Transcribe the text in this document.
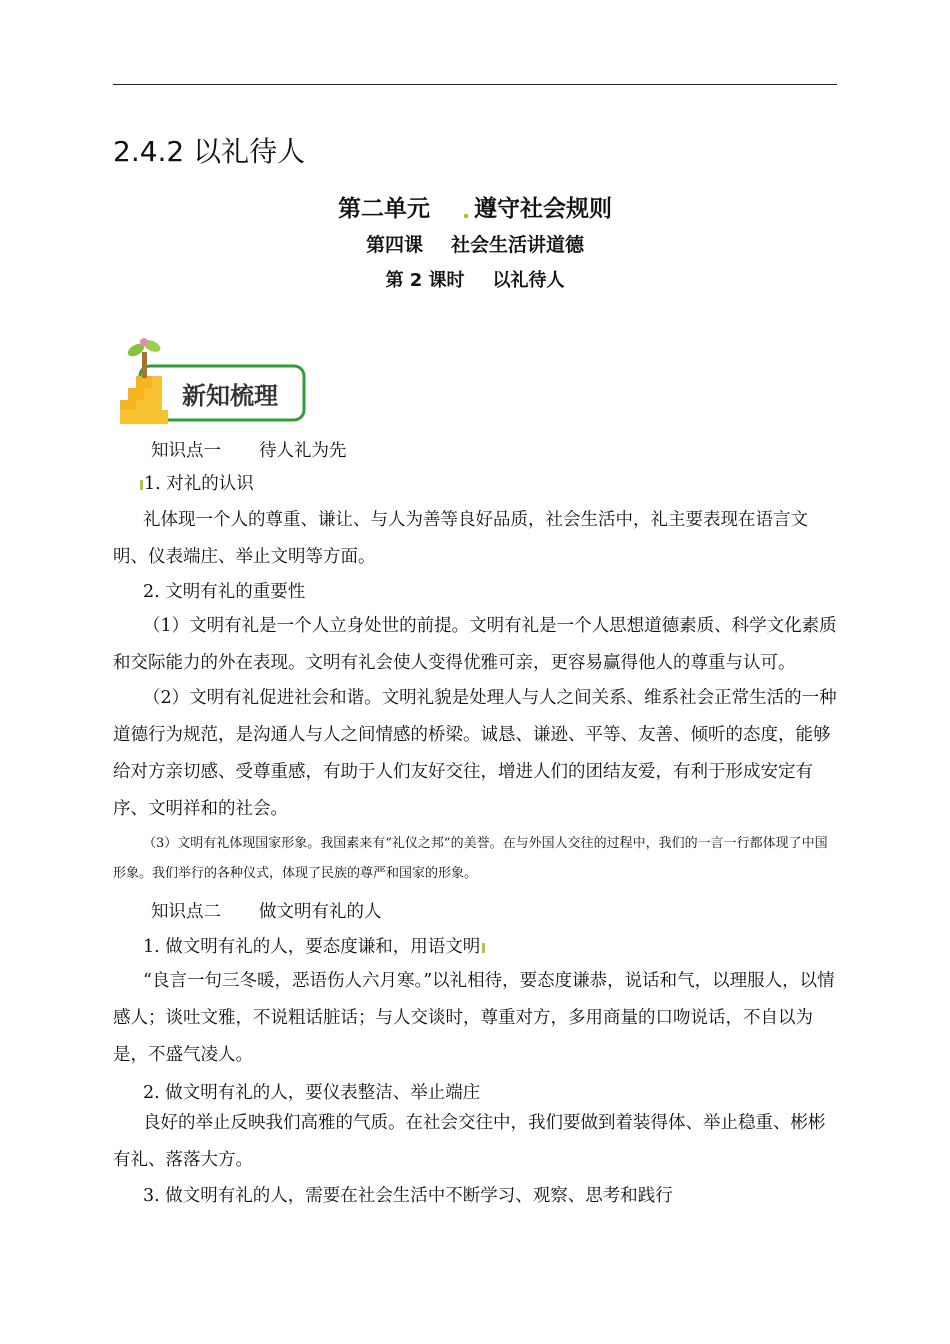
2.4.2 以礼待人
第二单元 遵守社会规则
第四课 社会生活讲道德
第 2 课时 以礼待人
新知梳理
知识点一 待人礼为先
1. 对礼的认识
礼体现一个人的尊重、谦让、与人为善等良好品质，社会生活中，礼主要表现在语言文明、仪表端庄、举止文明等方面。
2. 文明有礼的重要性
（1）文明有礼是一个人立身处世的前提。文明有礼是一个人思想道德素质、科学文化素质和交际能力的外在表现。文明有礼会使人变得优雅可亲，更容易赢得他人的尊重与认可。
（2）文明有礼促进社会和谐。文明礼貌是处理人与人之间关系、维系社会正常生活的一种道德行为规范，是沟通人与人之间情感的桥梁。诚恳、谦逊、平等、友善、倾听的态度，能够给对方亲切感、受尊重感，有助于人们友好交往，增进人们的团结友爱，有利于形成安定有序、文明祥和的社会。
（3）文明有礼体现国家形象。我国素来有“礼仪之邦”的美誉。在与外国人交往的过程中，我们的一言一行都体现了中国形象。我们举行的各种仪式，体现了民族的尊严和国家的形象。
知识点二 做文明有礼的人
1. 做文明有礼的人，要态度谦和，用语文明
“良言一句三冬暖，恶语伤人六月寒。”以礼相待，要态度谦恭，说话和气，以理服人，以情感人；谈吐文雅，不说粗话脏话；与人交谈时，尊重对方，多用商量的口吻说话，不自以为是，不盛气凌人。
2. 做文明有礼的人，要仪表整洁、举止端庄
良好的举止反映我们高雅的气质。在社会交往中，我们要做到着装得体、举止稳重、彬彬有礼、落落大方。
3. 做文明有礼的人，需要在社会生活中不断学习、观察、思考和践行
